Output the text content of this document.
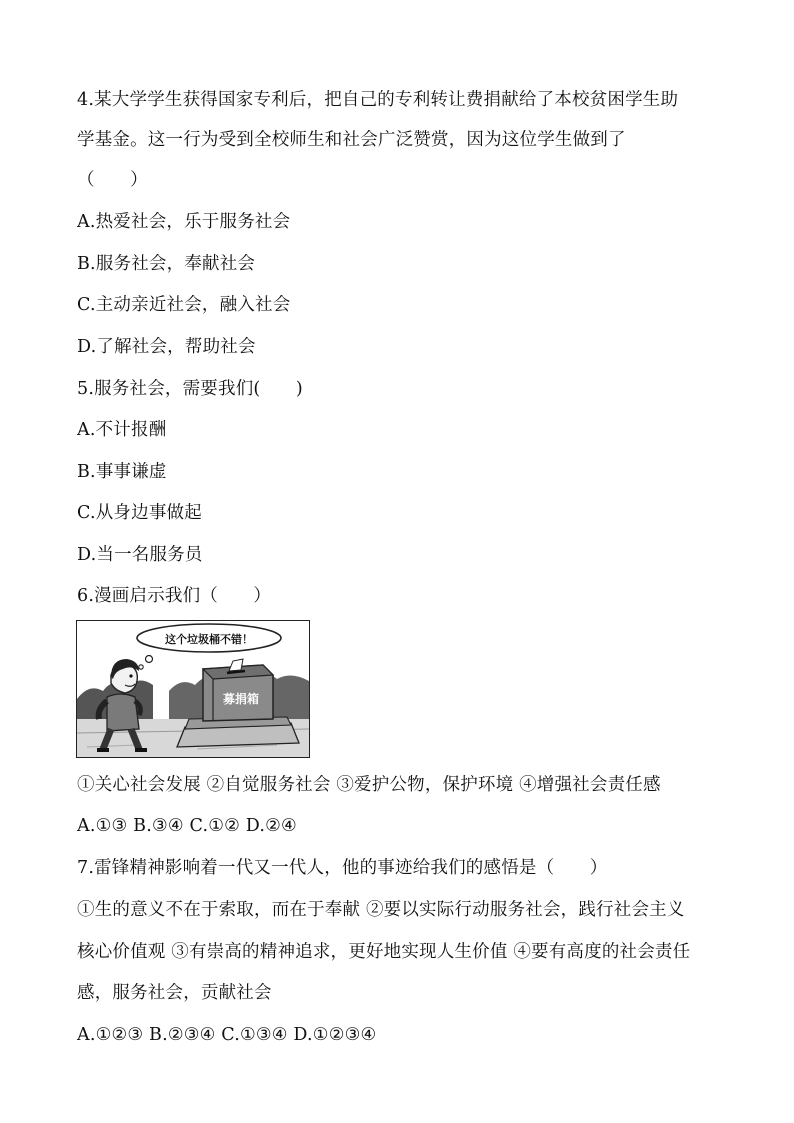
4.某大学学生获得国家专利后，把自己的专利转让费捐献给了本校贫困学生助
学基金。这一行为受到全校师生和社会广泛赞赏，因为这位学生做到了
（　　）
A.热爱社会，乐于服务社会
B.服务社会，奉献社会
C.主动亲近社会，融入社会
D.了解社会，帮助社会
5.服务社会，需要我们(　　)
A.不计报酬
B.事事谦虚
C.从身边事做起
D.当一名服务员
6.漫画启示我们（　　）
这个垃圾桶不错！
募捐箱
①关心社会发展 ②自觉服务社会 ③爱护公物，保护环境 ④增强社会责任感
A.①③ B.③④ C.①② D.②④
7.雷锋精神影响着一代又一代人，他的事迹给我们的感悟是（　　）
①生的意义不在于索取，而在于奉献 ②要以实际行动服务社会，践行社会主义
核心价值观 ③有崇高的精神追求，更好地实现人生价值 ④要有高度的社会责任
感，服务社会，贡献社会
A.①②③ B.②③④ C.①③④ D.①②③④
